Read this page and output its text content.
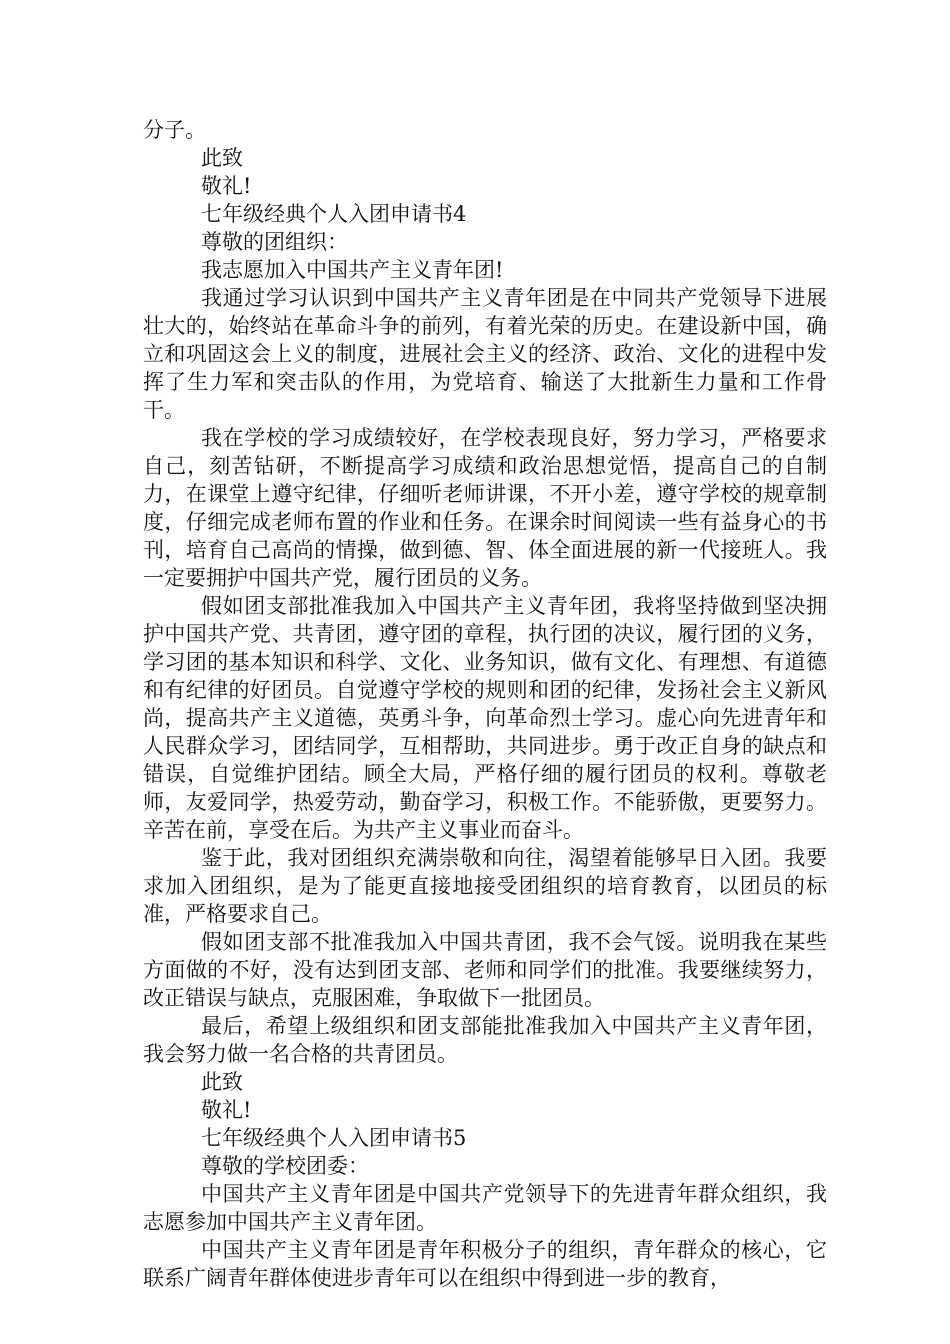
分子。
此致
敬礼!
七年级经典个人入团申请书4
尊敬的团组织：
我志愿加入中国共产主义青年团!

我通过学习认识到中国共产主义青年团是在中同共产党领导下进展壮大的，始终站在革命斗争的前列，有着光荣的历史。在建设新中国，确立和巩固这会上义的制度，进展社会主义的经济、政治、文化的进程中发挥了生力军和突击队的作用，为党培育、输送了大批新生力量和工作骨干。

我在学校的学习成绩较好，在学校表现良好，努力学习，严格要求自己，刻苦钻研，不断提高学习成绩和政治思想觉悟，提高自己的自制力，在课堂上遵守纪律，仔细听老师讲课，不开小差，遵守学校的规章制度，仔细完成老师布置的作业和任务。在课余时间阅读一些有益身心的书刊，培育自己高尚的情操，做到德、智、体全面进展的新一代接班人。我一定要拥护中国共产党，履行团员的义务。

假如团支部批准我加入中国共产主义青年团，我将坚持做到坚决拥护中国共产党、共青团，遵守团的章程，执行团的决议，履行团的义务，学习团的基本知识和科学、文化、业务知识，做有文化、有理想、有道德和有纪律的好团员。自觉遵守学校的规则和团的纪律，发扬社会主义新风尚，提高共产主义道德，英勇斗争，向革命烈士学习。虚心向先进青年和人民群众学习，团结同学，互相帮助，共同进步。勇于改正自身的缺点和错误，自觉维护团结。顾全大局，严格仔细的履行团员的权利。尊敬老师，友爱同学，热爱劳动，勤奋学习，积极工作。不能骄傲，更要努力。辛苦在前，享受在后。为共产主义事业而奋斗。

鉴于此，我对团组织充满崇敬和向往，渴望着能够早日入团。我要求加入团组织，是为了能更直接地接受团组织的培育教育，以团员的标准，严格要求自己。

假如团支部不批准我加入中国共青团，我不会气馁。说明我在某些方面做的不好，没有达到团支部、老师和同学们的批准。我要继续努力，改正错误与缺点，克服困难，争取做下一批团员。

最后，希望上级组织和团支部能批准我加入中国共产主义青年团，我会努力做一名合格的共青团员。

此致
敬礼!
七年级经典个人入团申请书5
尊敬的学校团委：

中国共产主义青年团是中国共产党领导下的先进青年群众组织，我志愿参加中国共产主义青年团。

中国共产主义青年团是青年积极分子的组织，青年群众的核心，它联系广阔青年群体使进步青年可以在组织中得到进一步的教育，
